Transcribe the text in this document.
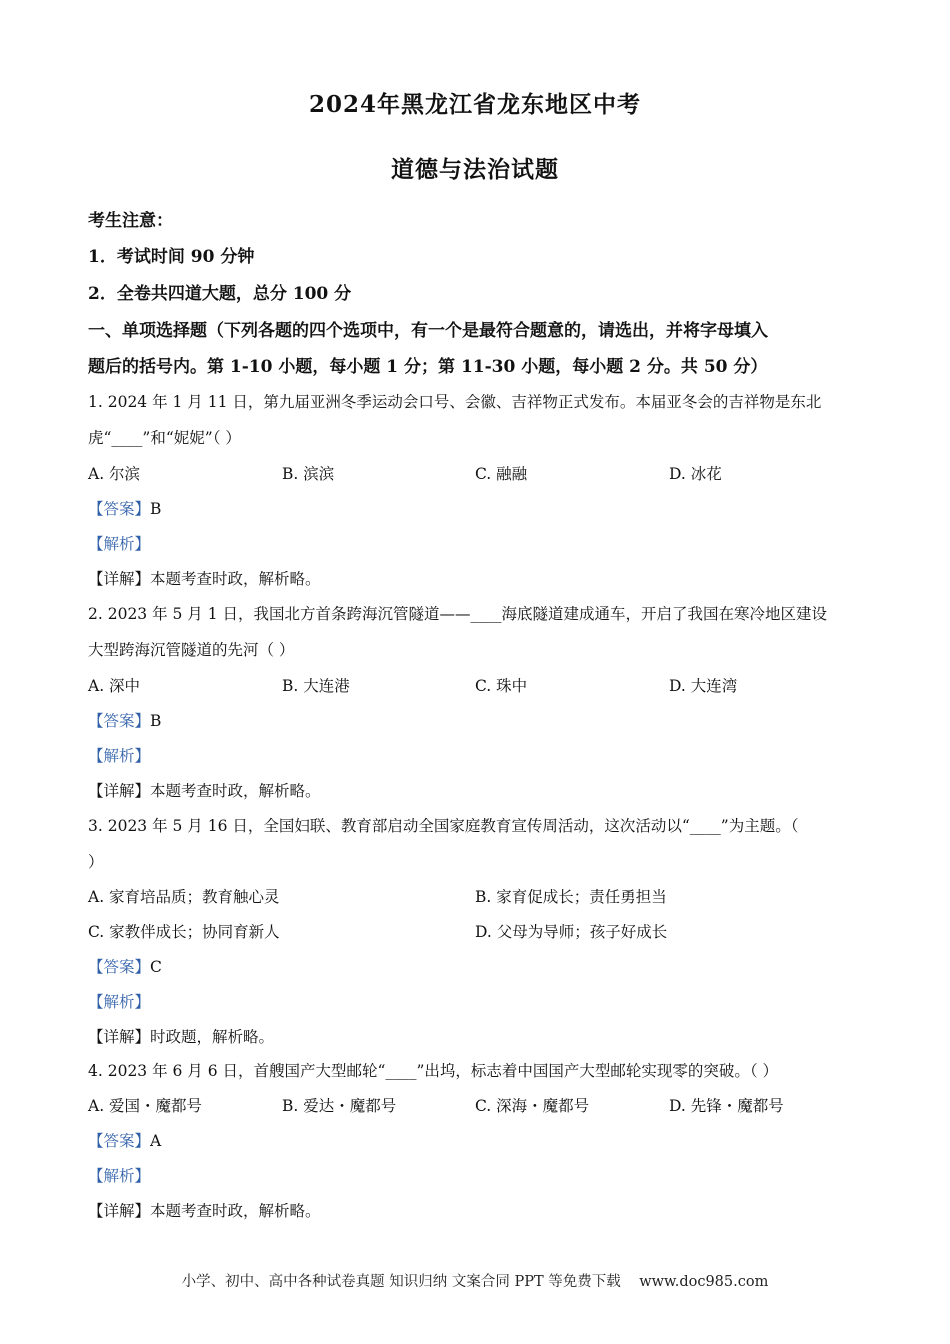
2024年黑龙江省龙东地区中考
道德与法治试题
考生注意：
1．考试时间 90 分钟
2．全卷共四道大题，总分 100 分
一、单项选择题（下列各题的四个选项中，有一个是最符合题意的，请选出，并将字母填入
题后的括号内。第 1-10 小题，每小题 1 分；第 11-30 小题，每小题 2 分。共 50 分）
1. 2024 年 1 月 11 日，第九届亚洲冬季运动会口号、会徽、吉祥物正式发布。本届亚冬会的吉祥物是东北
虎“____”和“妮妮”（ ）
A. 尔滨	B. 滨滨	C. 融融	D. 冰花
【答案】B
【解析】
【详解】本题考查时政，解析略。
2. 2023 年 5 月 1 日，我国北方首条跨海沉管隧道——____海底隧道建成通车，开启了我国在寒冷地区建设
大型跨海沉管隧道的先河（ ）
A. 深中	B. 大连港	C. 珠中	D. 大连湾
【答案】B
【解析】
【详解】本题考查时政，解析略。
3. 2023 年 5 月 16 日，全国妇联、教育部启动全国家庭教育宣传周活动，这次活动以“____”为主题。（
）
A. 家育培品质；教育触心灵	B. 家育促成长；责任勇担当
C. 家教伴成长；协同育新人	D. 父母为导师；孩子好成长
【答案】C
【解析】
【详解】时政题，解析略。
4. 2023 年 6 月 6 日，首艘国产大型邮轮“____”出坞，标志着中国国产大型邮轮实现零的突破。（ ）
A. 爱国・魔都号	B. 爱达・魔都号	C. 深海・魔都号	D. 先锋・魔都号
【答案】A
【解析】
【详解】本题考查时政，解析略。
小学、初中、高中各种试卷真题 知识归纳 文案合同 PPT 等免费下载 www.doc985.com
